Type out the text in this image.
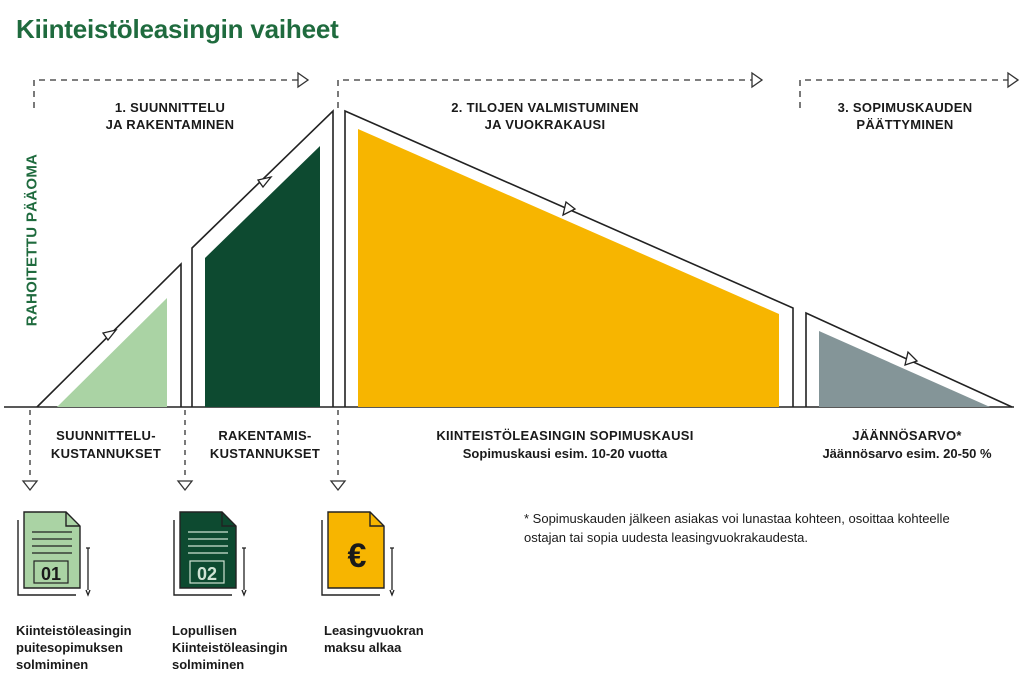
Kiinteistöleasingin vaiheet
01	02	€
1. SUUNNITTELU
JA RAKENTAMINEN
2. TILOJEN VALMISTUMINEN
JA VUOKRAKAUSI
3. SOPIMUSKAUDEN
PÄÄTTYMINEN
RAHOITETTU PÄÄOMA
SUUNNITTELU-
KUSTANNUKSET
RAKENTAMIS-
KUSTANNUKSET
KIINTEISTÖLEASINGIN SOPIMUSKAUSI
Sopimuskausi esim. 10-20 vuotta
JÄÄNNÖSARVO*
Jäännösarvo esim. 20-50 %
* Sopimuskauden jälkeen asiakas voi lunastaa kohteen, osoittaa kohteelle ostajan tai sopia uudesta leasingvuokrakaudesta.
Kiinteistöleasingin
puitesopimuksen
solmiminen
Lopullisen
Kiinteistöleasingin
solmiminen
Leasingvuokran
maksu alkaa
